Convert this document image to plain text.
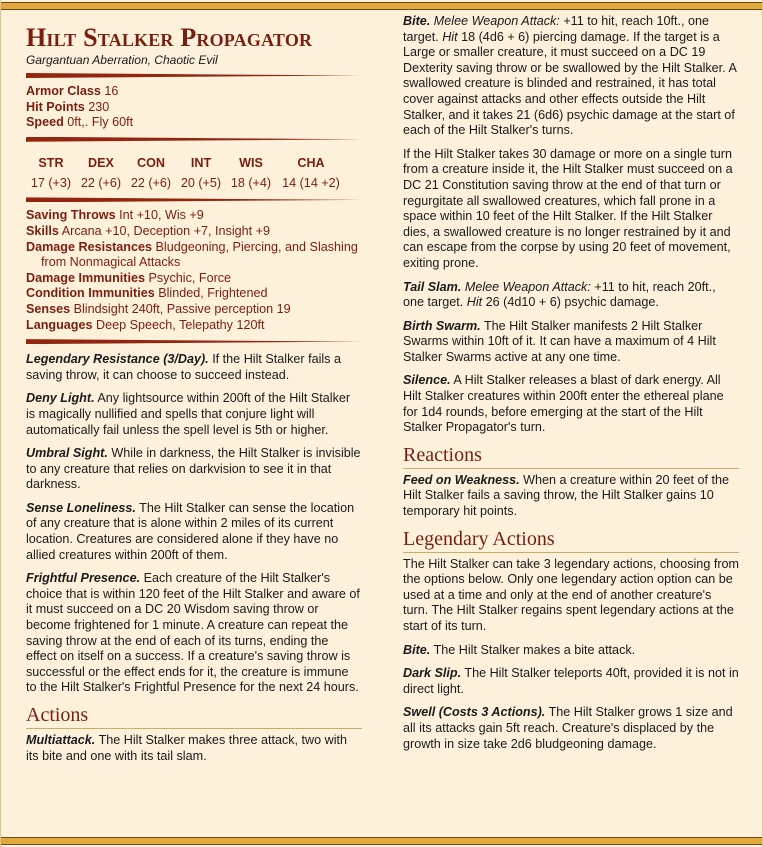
Hilt Stalker Propagator
Gargantuan Aberration, Chaotic Evil
Armor Class 16
Hit Points 230
Speed 0ft,. Fly 60ft
STR
17 (+3)
DEX
22 (+6)
CON
22 (+6)
INT
20 (+5)
WIS
18 (+4)
CHA
14 (14 +2)
Saving Throws Int +10, Wis +9
Skills Arcana +10, Deception +7, Insight +9
Damage Resistances Bludgeoning, Piercing, and Slashing from Nonmagical Attacks
Damage Immunities Psychic, Force
Condition Immunities Blinded, Frightened
Senses Blindsight 240ft, Passive perception 19
Languages Deep Speech, Telepathy 120ft

Legendary Resistance (3/Day). If the Hilt Stalker fails a saving throw, it can choose to succeed instead.

Deny Light. Any lightsource within 200ft of the Hilt Stalker is magically nullified and spells that conjure light will automatically fail unless the spell level is 5th or higher.

Umbral Sight. While in darkness, the Hilt Stalker is invisible to any creature that relies on darkvision to see it in that darkness.

Sense Loneliness. The Hilt Stalker can sense the location of any creature that is alone within 2 miles of its current location. Creatures are considered alone if they have no allied creatures within 200ft of them.

Frightful Presence. Each creature of the Hilt Stalker's choice that is within 120 feet of the Hilt Stalker and aware of it must succeed on a DC 20 Wisdom saving throw or become frightened for 1 minute. A creature can repeat the saving throw at the end of each of its turns, ending the effect on itself on a success. If a creature's saving throw is successful or the effect ends for it, the creature is immune to the Hilt Stalker's Frightful Presence for the next 24 hours.

Actions

Multiattack. The Hilt Stalker makes three attack, two with its bite and one with its tail slam.

Bite. Melee Weapon Attack: +11 to hit, reach 10ft., one target. Hit 18 (4d6 + 6) piercing damage. If the target is a Large or smaller creature, it must succeed on a DC 19 Dexterity saving throw or be swallowed by the Hilt Stalker. A swallowed creature is blinded and restrained, it has total cover against attacks and other effects outside the Hilt Stalker, and it takes 21 (6d6) psychic damage at the start of each of the Hilt Stalker's turns.

If the Hilt Stalker takes 30 damage or more on a single turn from a creature inside it, the Hilt Stalker must succeed on a DC 21 Constitution saving throw at the end of that turn or regurgitate all swallowed creatures, which fall prone in a space within 10 feet of the Hilt Stalker. If the Hilt Stalker dies, a swallowed creature is no longer restrained by it and can escape from the corpse by using 20 feet of movement, exiting prone.

Tail Slam. Melee Weapon Attack: +11 to hit, reach 20ft., one target. Hit 26 (4d10 + 6) psychic damage.

Birth Swarm. The Hilt Stalker manifests 2 Hilt Stalker Swarms within 10ft of it. It can have a maximum of 4 Hilt Stalker Swarms active at any one time.

Silence. A Hilt Stalker releases a blast of dark energy. All Hilt Stalker creatures within 200ft enter the ethereal plane for 1d4 rounds, before emerging at the start of the Hilt Stalker Propagator's turn.

Reactions

Feed on Weakness. When a creature within 20 feet of the Hilt Stalker fails a saving throw, the Hilt Stalker gains 10 temporary hit points.

Legendary Actions

The Hilt Stalker can take 3 legendary actions, choosing from the options below. Only one legendary action option can be used at a time and only at the end of another creature's turn. The Hilt Stalker regains spent legendary actions at the start of its turn.

Bite. The Hilt Stalker makes a bite attack.

Dark Slip. The Hilt Stalker teleports 40ft, provided it is not in direct light.

Swell (Costs 3 Actions). The Hilt Stalker grows 1 size and all its attacks gain 5ft reach. Creature's displaced by the growth in size take 2d6 bludgeoning damage.
